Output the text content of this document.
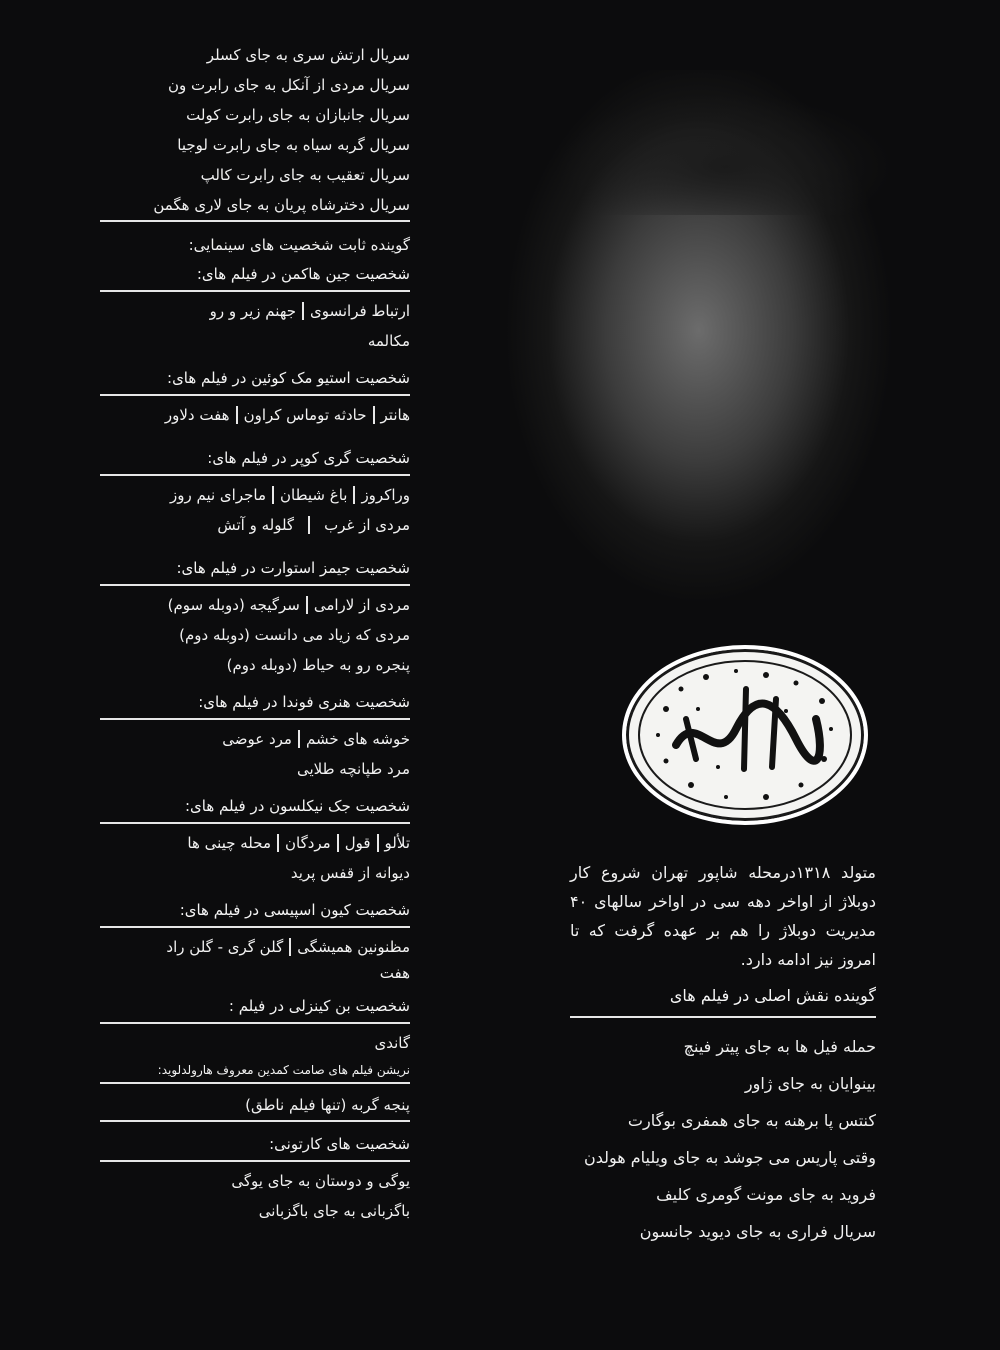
سریال ارتش سری به جای کسلر
سریال مردی از آنکل به جای رابرت ون
سریال جانبازان به جای رابرت کولت
سریال گربه سیاه به جای رابرت لوجیا
سریال تعقیب به جای رابرت کالپ
سریال دخترشاه پریان به جای لاری هگمن
گوینده ثابت شخصیت های سینمایی:
شخصیت جین هاکمن در فیلم های:
ارتباط فرانسوی
جهنم زیر و رو
مکالمه
شخصیت استیو مک کوئین در فیلم های:
هانتر
حادثه توماس کراون
هفت دلاور
شخصیت گری کوپر در فیلم های:
وراکروز
باغ شیطان
ماجرای نیم روز
مردی از غرب
گلوله و آتش
شخصیت جیمز استوارت در فیلم های:
مردی از لارامی
سرگیجه (دوبله سوم)
مردی که زیاد می دانست (دوبله دوم)
پنجره رو به حیاط (دوبله دوم)
شخصیت هنری فوندا در فیلم های:
خوشه های خشم
مرد عوضی
مرد طپانچه طلایی
شخصیت جک نیکلسون در فیلم های:
تلألو
قول
مردگان
محله چینی ها
دیوانه از قفس پرید
شخصیت کیون اسپیسی در فیلم های:
مظنونین همیشگی
گلن گری - گلن راد
هفت
شخصیت بن کینزلی در فیلم :
گاندی
نریشن فیلم های صامت کمدین معروف هارولدلوید:
پنجه گربه (تنها فیلم ناطق)
شخصیت های کارتونی:
یوگی و دوستان به جای یوگی
باگزبانی به جای باگزبانی
متولد ۱۳۱۸درمحله شاپور تهران شروع کار دوبلاژ از اواخر دهه سی در اواخر سالهای ۴۰ مدیریت دوبلاژ را هم بر عهده گرفت که تا امروز نیز ادامه دارد.
گوینده نقش اصلی در فیلم های
حمله فیل ها به جای پیتر فینچ
بینوایان به جای ژاور
کنتس پا برهنه به جای همفری بوگارت
وقتی پاریس می جوشد به جای ویلیام هولدن
فروید به جای مونت گومری کلیف
سریال فراری به جای دیوید جانسون
